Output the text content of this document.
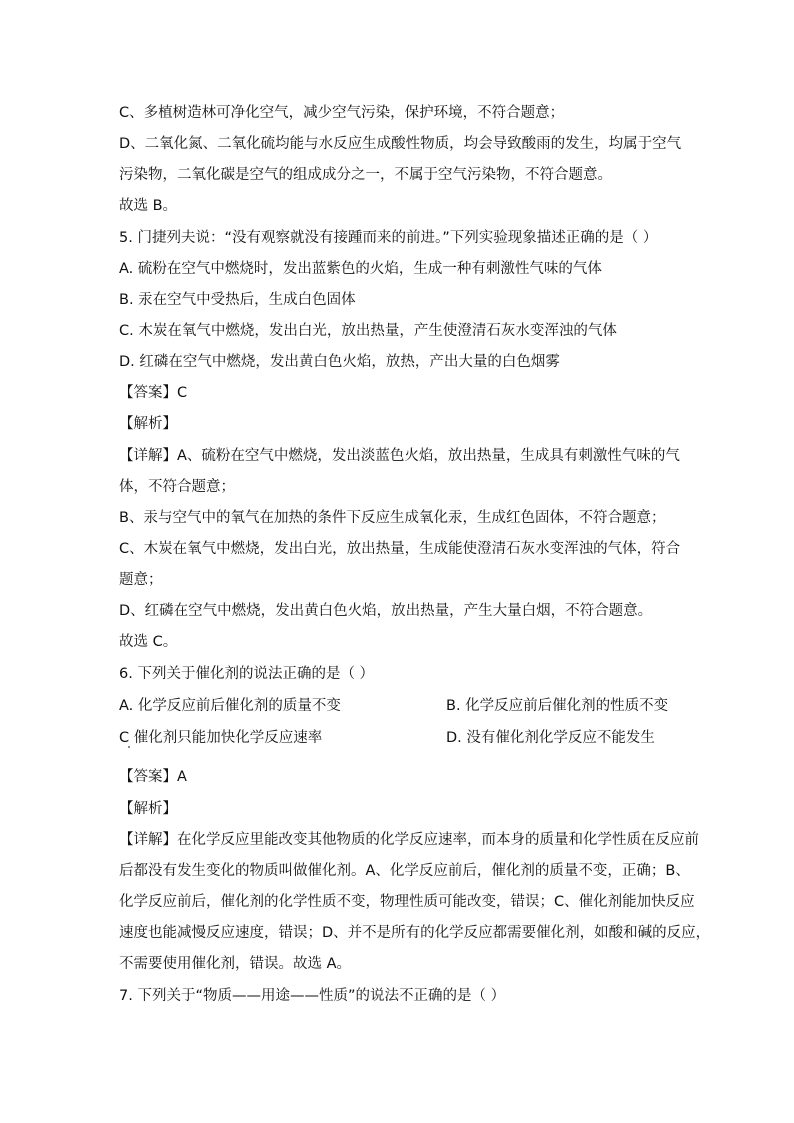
C、多植树造林可净化空气，减少空气污染，保护环境，不符合题意；
D、二氧化氮、二氧化硫均能与水反应生成酸性物质，均会导致酸雨的发生，均属于空气
污染物，二氧化碳是空气的组成成分之一，不属于空气污染物，不符合题意。
故选 B。
5. 门捷列夫说：“没有观察就没有接踵而来的前进。”下列实验现象描述正确的是（ ）
A. 硫粉在空气中燃烧时，发出蓝紫色的火焰，生成一种有刺激性气味的气体
B. 汞在空气中受热后，生成白色固体
C. 木炭在氧气中燃烧，发出白光，放出热量，产生使澄清石灰水变浑浊的气体
D. 红磷在空气中燃烧，发出黄白色火焰，放热，产出大量的白色烟雾
【答案】C
【解析】
【详解】A、硫粉在空气中燃烧，发出淡蓝色火焰，放出热量，生成具有刺激性气味的气
体，不符合题意；
B、汞与空气中的氧气在加热的条件下反应生成氧化汞，生成红色固体，不符合题意；
C、木炭在氧气中燃烧，发出白光，放出热量，生成能使澄清石灰水变浑浊的气体，符合
题意；
D、红磷在空气中燃烧，发出黄白色火焰，放出热量，产生大量白烟，不符合题意。
故选 C。
6. 下列关于催化剂的说法正确的是（ ）
A. 化学反应前后催化剂的质量不变	B. 化学反应前后催化剂的性质不变
C 催化剂只能加快化学反应速率	D. 没有催化剂化学反应不能发生
【答案】A
【解析】
【详解】在化学反应里能改变其他物质的化学反应速率，而本身的质量和化学性质在反应前
后都没有发生变化的物质叫做催化剂。A、化学反应前后，催化剂的质量不变，正确；B、
化学反应前后，催化剂的化学性质不变，物理性质可能改变，错误；C、催化剂能加快反应
速度也能减慢反应速度，错误；D、并不是所有的化学反应都需要催化剂，如酸和碱的反应，
不需要使用催化剂，错误。故选 A。
7. 下列关于“物质——用途——性质”的说法不正确的是（ ）
